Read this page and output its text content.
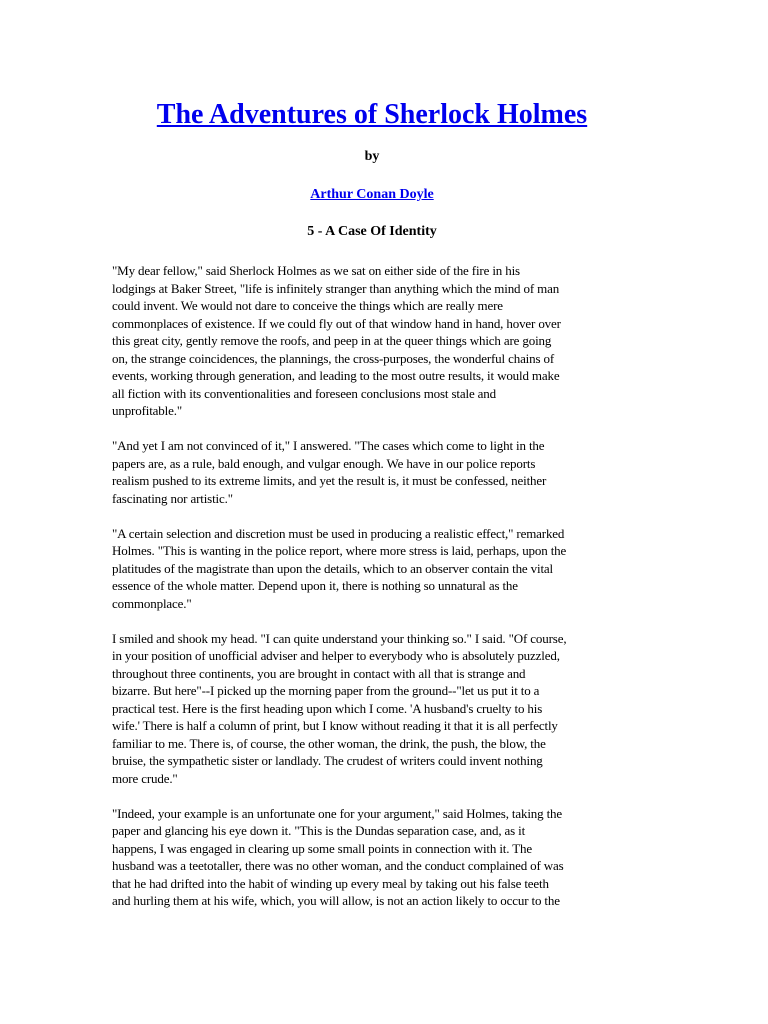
The Adventures of Sherlock Holmes
by
Arthur Conan Doyle
5 - A Case Of Identity

"My dear fellow," said Sherlock Holmes as we sat on either side of the fire in his
lodgings at Baker Street, "life is infinitely stranger than anything which the mind of man
could invent. We would not dare to conceive the things which are really mere
commonplaces of existence. If we could fly out of that window hand in hand, hover over
this great city, gently remove the roofs, and peep in at the queer things which are going
on, the strange coincidences, the plannings, the cross-purposes, the wonderful chains of
events, working through generation, and leading to the most outre results, it would make
all fiction with its conventionalities and foreseen conclusions most stale and
unprofitable."

"And yet I am not convinced of it," I answered. "The cases which come to light in the
papers are, as a rule, bald enough, and vulgar enough. We have in our police reports
realism pushed to its extreme limits, and yet the result is, it must be confessed, neither
fascinating nor artistic."

"A certain selection and discretion must be used in producing a realistic effect," remarked
Holmes. "This is wanting in the police report, where more stress is laid, perhaps, upon the
platitudes of the magistrate than upon the details, which to an observer contain the vital
essence of the whole matter. Depend upon it, there is nothing so unnatural as the
commonplace."

I smiled and shook my head. "I can quite understand your thinking so." I said. "Of course,
in your position of unofficial adviser and helper to everybody who is absolutely puzzled,
throughout three continents, you are brought in contact with all that is strange and
bizarre. But here"--I picked up the morning paper from the ground--"let us put it to a
practical test. Here is the first heading upon which I come. 'A husband's cruelty to his
wife.' There is half a column of print, but I know without reading it that it is all perfectly
familiar to me. There is, of course, the other woman, the drink, the push, the blow, the
bruise, the sympathetic sister or landlady. The crudest of writers could invent nothing
more crude."

"Indeed, your example is an unfortunate one for your argument," said Holmes, taking the
paper and glancing his eye down it. "This is the Dundas separation case, and, as it
happens, I was engaged in clearing up some small points in connection with it. The
husband was a teetotaller, there was no other woman, and the conduct complained of was
that he had drifted into the habit of winding up every meal by taking out his false teeth
and hurling them at his wife, which, you will allow, is not an action likely to occur to the
